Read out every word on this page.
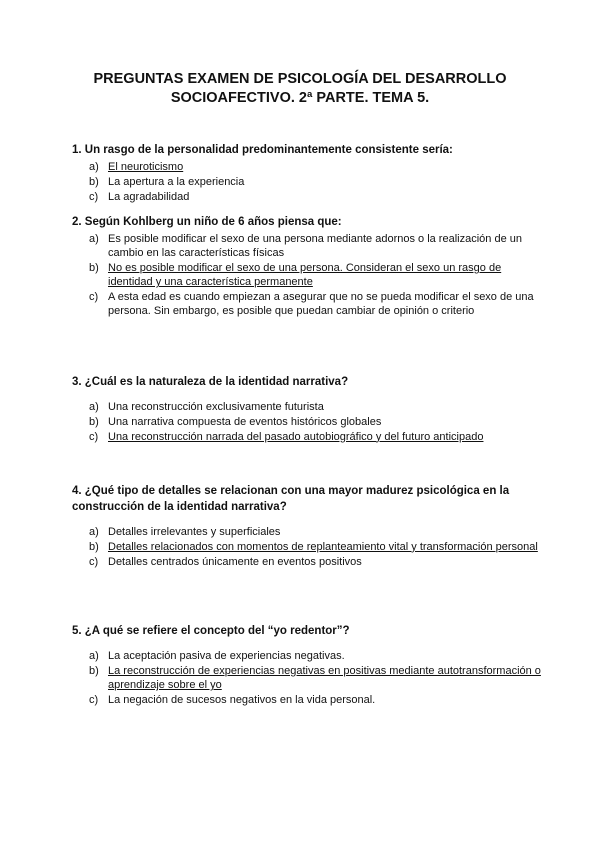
PREGUNTAS EXAMEN DE PSICOLOGÍA DEL DESARROLLO
SOCIOAFECTIVO. 2ª PARTE. TEMA 5.
1. Un rasgo de la personalidad predominantemente consistente sería:
a) El neuroticismo
b) La apertura a la experiencia
c) La agradabilidad
2. Según Kohlberg un niño de 6 años piensa que:
a) Es posible modificar el sexo de una persona mediante adornos o la realización de un cambio en las características físicas
b) No es posible modificar el sexo de una persona. Consideran el sexo un rasgo de identidad y una característica permanente
c) A esta edad es cuando empiezan a asegurar que no se pueda modificar el sexo de una persona. Sin embargo, es posible que puedan cambiar de opinión o criterio
3. ¿Cuál es la naturaleza de la identidad narrativa?
a) Una reconstrucción exclusivamente futurista
b) Una narrativa compuesta de eventos históricos globales
c) Una reconstrucción narrada del pasado autobiográfico y del futuro anticipado
4. ¿Qué tipo de detalles se relacionan con una mayor madurez psicológica en la construcción de la identidad narrativa?
a) Detalles irrelevantes y superficiales
b) Detalles relacionados con momentos de replanteamiento vital y transformación personal
c) Detalles centrados únicamente en eventos positivos
5. ¿A qué se refiere el concepto del “yo redentor”?
a) La aceptación pasiva de experiencias negativas.
b) La reconstrucción de experiencias negativas en positivas mediante autotransformación o aprendizaje sobre el yo
c) La negación de sucesos negativos en la vida personal.
